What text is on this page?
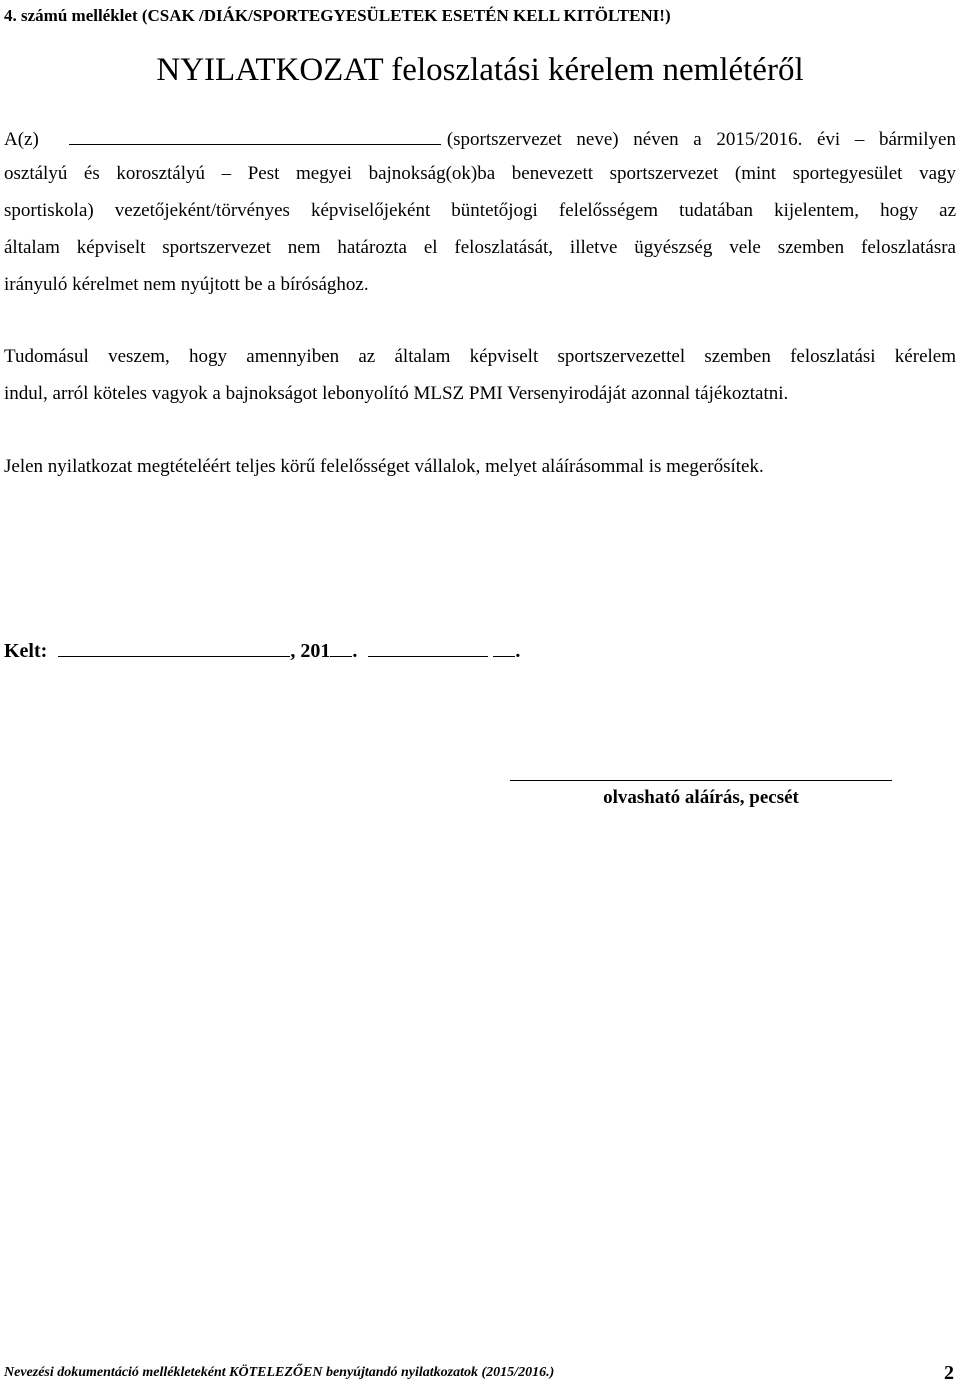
4. számú melléklet (CSAK /DIÁK/SPORTEGYESÜLETEK ESETÉN KELL KITÖLTENI!)
NYILATKOZAT feloszlatási kérelem nemlétéről
A(z)	(sportszervezet neve) néven a 2015/2016. évi – bármilyen
osztályú és korosztályú – Pest megyei bajnokság(ok)ba benevezett sportszervezet (mint sportegyesület vagy
sportiskola) vezetőjeként/törvényes képviselőjeként büntetőjogi felelősségem tudatában kijelentem, hogy az
általam képviselt sportszervezet nem határozta el feloszlatását, illetve ügyészség vele szemben feloszlatásra
irányuló kérelmet nem nyújtott be a bírósághoz.
Tudomásul veszem, hogy amennyiben az általam képviselt sportszervezettel szemben feloszlatási kérelem
indul, arról köteles vagyok a bajnokságot lebonyolító MLSZ PMI Versenyirodáját azonnal tájékoztatni.
Jelen nyilatkozat megtételéért teljes körű felelősséget vállalok, melyet aláírásommal is megerősítek.
Kelt:	, 201 .	.
olvasható aláírás, pecsét
Nevezési dokumentáció mellékleteként KÖTELEZŐEN benyújtandó nyilatkozatok (2015/2016.)	2
